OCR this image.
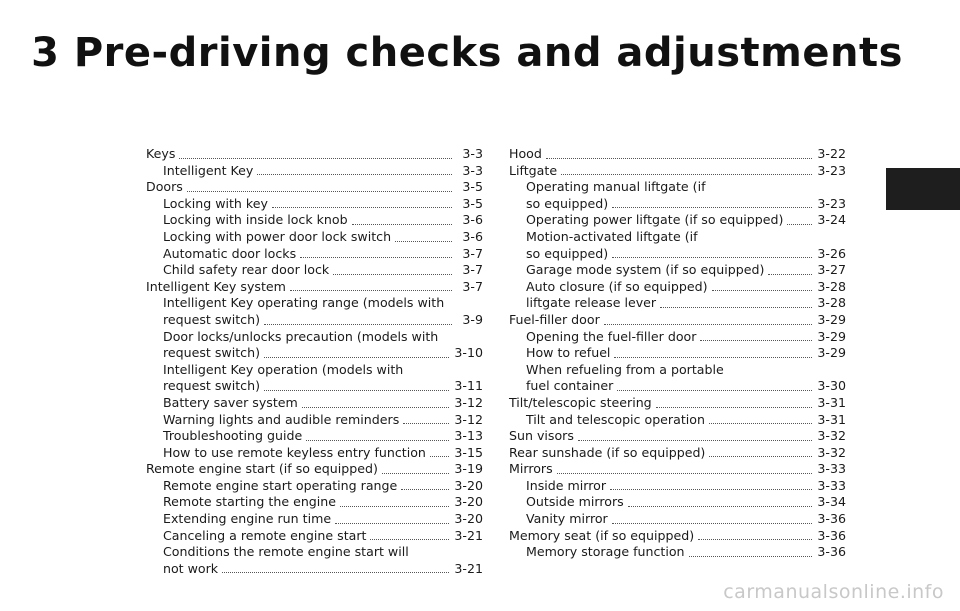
3 Pre-driving checks and adjustments
Keys	3-3
Intelligent Key	3-3
Doors	3-5
Locking with key	3-5
Locking with inside lock knob	3-6
Locking with power door lock switch	3-6
Automatic door locks	3-7
Child safety rear door lock	3-7
Intelligent Key system	3-7
Intelligent Key operating range (models with
request switch)	3-9
Door locks/unlocks precaution (models with
request switch)	3-10
Intelligent Key operation (models with
request switch)	3-11
Battery saver system	3-12
Warning lights and audible reminders	3-12
Troubleshooting guide	3-13
How to use remote keyless entry function 3-15
Remote engine start (if so equipped)	3-19
Remote engine start operating range	3-20
Remote starting the engine	3-20
Extending engine run time	3-20
Canceling a remote engine start	3-21
Conditions the remote engine start will
not work	3-21
Hood	3-22
Liftgate	3-23
Operating manual liftgate (if
so equipped)	3-23
Operating power liftgate (if so equipped)	3-24
Motion-activated liftgate (if
so equipped)	3-26
Garage mode system (if so equipped)	3-27
Auto closure (if so equipped)	3-28
liftgate release lever	3-28
Fuel-filler door	3-29
Opening the fuel-filler door	3-29
How to refuel	3-29
When refueling from a portable
fuel container	3-30
Tilt/telescopic steering	3-31
Tilt and telescopic operation	3-31
Sun visors	3-32
Rear sunshade (if so equipped)	3-32
Mirrors	3-33
Inside mirror	3-33
Outside mirrors	3-34
Vanity mirror	3-36
Memory seat (if so equipped)	3-36
Memory storage function	3-36
carmanualsonline.info
